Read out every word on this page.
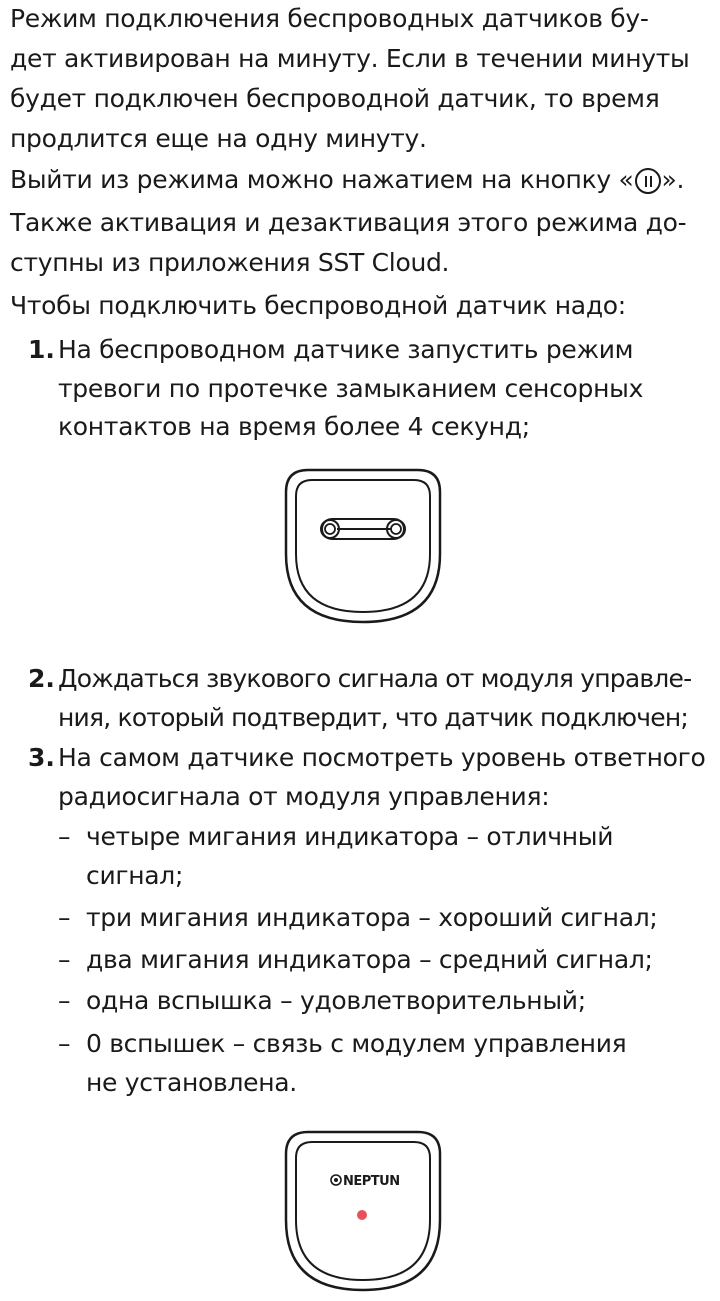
Режим подключения беспроводных датчиков бу-
дет активирован на минуту. Если в течении минуты
будет подключен беспроводной датчик, то время
продлится еще на одну минуту.
Выйти из режима можно нажатием на кнопку « ».
Также активация и дезактивация этого режима до-
ступны из приложения SST Cloud.
Чтобы подключить беспроводной датчик надо:
1. На беспроводном датчике запустить режим
тревоги по протечке замыканием сенсорных
контактов на время более 4 секунд;
2. Дождаться звукового сигнала от модуля управле-
ния, который подтвердит, что датчик подключен;
3. На самом датчике посмотреть уровень ответного
радиосигнала от модуля управления:
– четыре мигания индикатора – отличный
сигнал;
– три мигания индикатора – хороший сигнал;
– два мигания индикатора – средний сигнал;
– одна вспышка – удовлетворительный;
– 0 вспышек – связь с модулем управления
не установлена.
NEPTUN
